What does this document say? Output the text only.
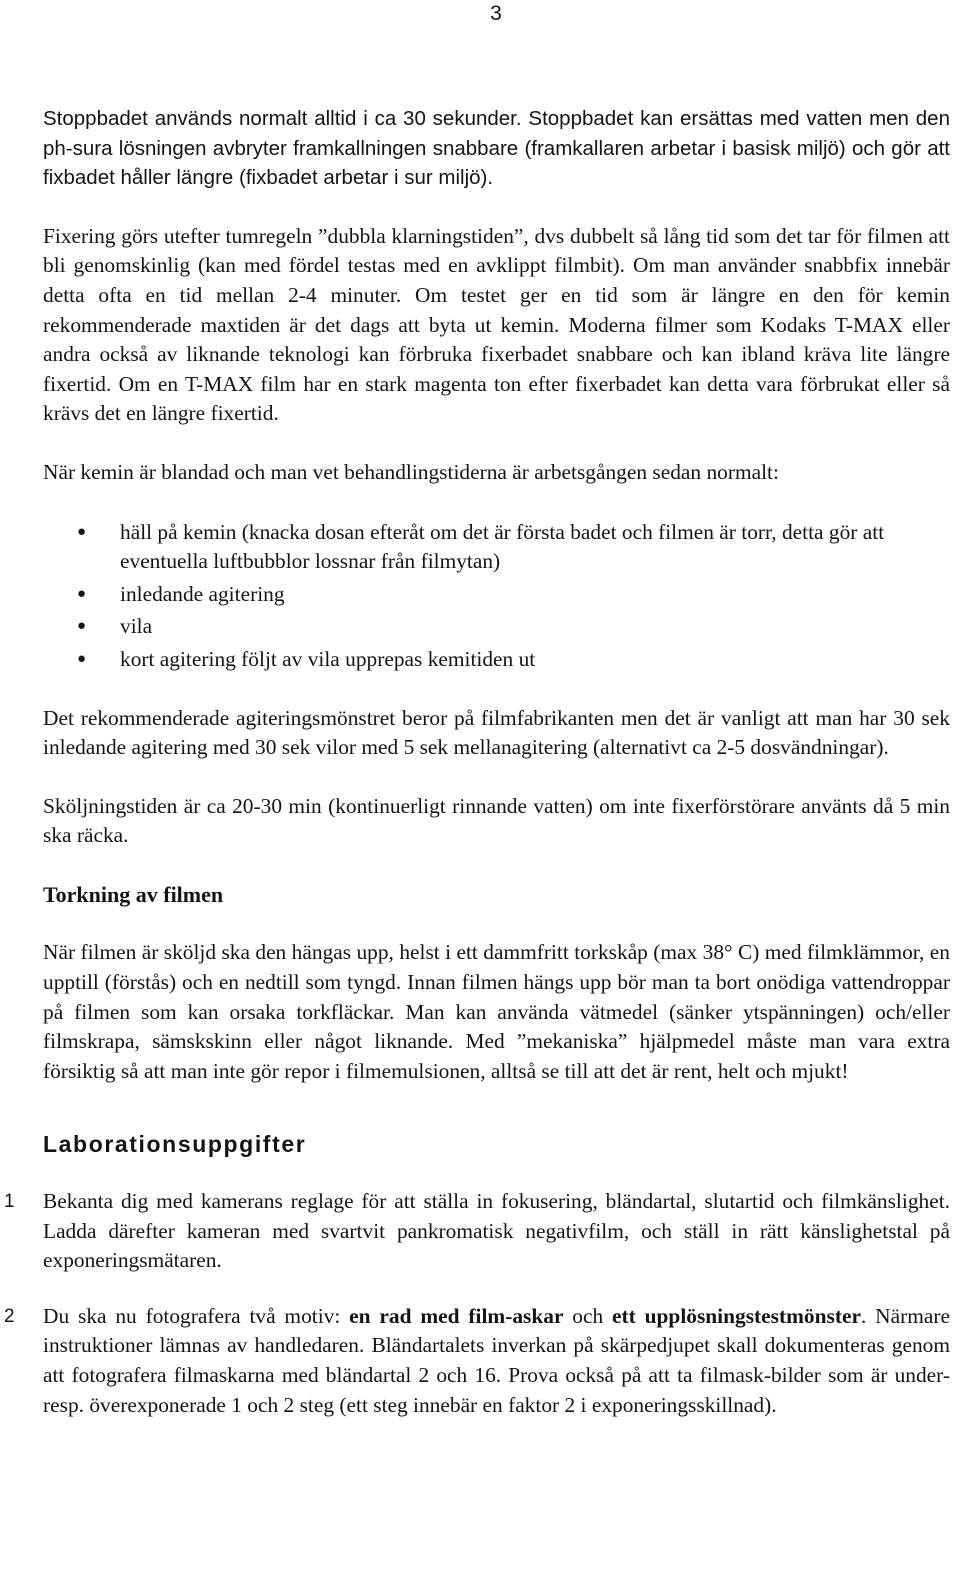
3

Stoppbadet används normalt alltid i ca 30 sekunder. Stoppbadet kan ersättas med vatten men den ph-sura lösningen avbryter framkallningen snabbare (framkallaren arbetar i basisk miljö) och gör att fixbadet håller längre (fixbadet arbetar i sur miljö).

Fixering görs utefter tumregeln ”dubbla klarningstiden”, dvs dubbelt så lång tid som det tar för filmen att bli genomskinlig (kan med fördel testas med en avklippt filmbit). Om man använder snabbfix innebär detta ofta en tid mellan 2-4 minuter. Om testet ger en tid som är längre en den för kemin rekommenderade maxtiden är det dags att byta ut kemin. Moderna filmer som Kodaks T-MAX eller andra också av liknande teknologi kan förbruka fixerbadet snabbare och kan ibland kräva lite längre fixertid. Om en T-MAX film har en stark magenta ton efter fixerbadet kan detta vara förbrukat eller så krävs det en längre fixertid.

När kemin är blandad och man vet behandlingstiderna är arbetsgången sedan normalt:

● häll på kemin (knacka dosan efteråt om det är första badet och filmen är torr, detta gör att eventuella luftbubblor lossnar från filmytan)
● inledande agitering
● vila
● kort agitering följt av vila upprepas kemitiden ut

Det rekommenderade agiteringsmönstret beror på filmfabrikanten men det är vanligt att man har 30 sek inledande agitering med 30 sek vilor med 5 sek mellanagitering (alternativt ca 2-5 dosvändningar).

Sköljningstiden är ca 20-30 min (kontinuerligt rinnande vatten) om inte fixerförstörare använts då 5 min ska räcka.

Torkning av filmen

När filmen är sköljd ska den hängas upp, helst i ett dammfritt torkskåp (max 38° C) med filmklämmor, en upptill (förstås) och en nedtill som tyngd. Innan filmen hängs upp bör man ta bort onödiga vattendroppar på filmen som kan orsaka torkfläckar. Man kan använda vätmedel (sänker ytspänningen) och/eller filmskrapa, sämskskinn eller något liknande. Med ”mekaniska” hjälpmedel måste man vara extra försiktig så att man inte gör repor i filmemulsionen, alltså se till att det är rent, helt och mjukt!

Laborationsuppgifter
1 Bekanta dig med kamerans reglage för att ställa in fokusering, bländartal, slutartid och filmkänslighet. Ladda därefter kameran med svartvit pankromatisk negativfilm, och ställ in rätt känslighetstal på exponeringsmätaren.
2 Du ska nu fotografera två motiv: en rad med film-askar och ett upplösningstestmönster. Närmare instruktioner lämnas av handledaren. Bländartalets inverkan på skärpedjupet skall dokumenteras genom att fotografera filmaskarna med bländartal 2 och 16. Prova också på att ta filmask-bilder som är under- resp. överexponerade 1 och 2 steg (ett steg innebär en faktor 2 i exponeringsskillnad).
